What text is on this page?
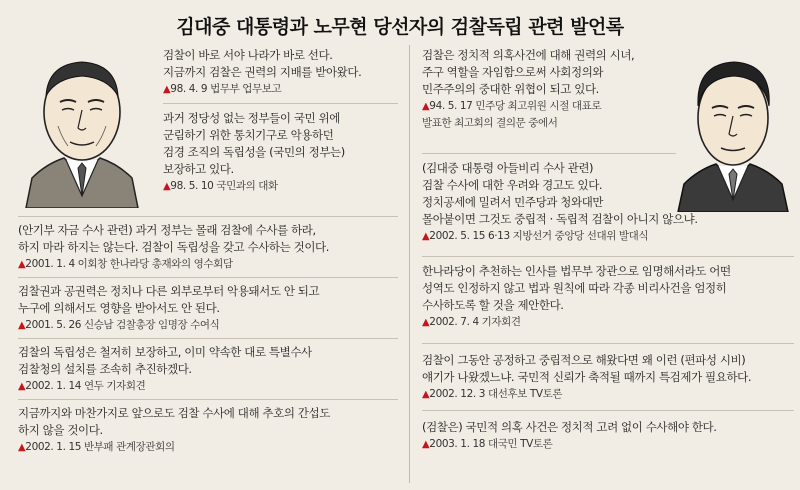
김대중 대통령과 노무현 당선자의 검찰독립 관련 발언록
검찰이 바로 서야 나라가 바로 선다.
지금까지 검찰은 권력의 지배를 받아왔다.
▲98. 4. 9 법무부 업무보고
과거 정당성 없는 정부들이 국민 위에
군림하기 위한 통치기구로 악용하던
검경 조직의 독립성을 (국민의 정부는)
보장하고 있다.
▲98. 5. 10 국민과의 대화
(안기부 자금 수사 관련) 과거 정부는 몰래 검찰에 수사를 하라,
하지 마라 하지는 않는다. 검찰이 독립성을 갖고 수사하는 것이다.
▲2001. 1. 4 이회창 한나라당 총재와의 영수회담
검찰권과 공권력은 정치나 다른 외부로부터 악용돼서도 안 되고
누구에 의해서도 영향을 받아서도 안 된다.
▲2001. 5. 26 신승남 검찰총장 임명장 수여식
검찰의 독립성은 철저히 보장하고, 이미 약속한 대로 특별수사
검찰청의 설치를 조속히 추진하겠다.
▲2002. 1. 14 연두 기자회견
지금까지와 마찬가지로 앞으로도 검찰 수사에 대해 추호의 간섭도
하지 않을 것이다.
▲2002. 1. 15 반부패 관계장관회의
검찰은 정치적 의혹사건에 대해 권력의 시녀,
주구 역할을 자임함으로써 사회정의와
민주주의의 중대한 위협이 되고 있다.
▲94. 5. 17 민주당 최고위원 시절 대표로
발표한 최고회의 결의문 중에서
(김대중 대통령 아들비리 수사 관련)
검찰 수사에 대한 우려와 경고도 있다.
정치공세에 밀려서 민주당과 청와대만
몰아붙이면 그것도 중립적 · 독립적 검찰이 아니지 않으냐.
▲2002. 5. 15 6·13 지방선거 중앙당 선대위 발대식
한나라당이 추천하는 인사를 법무부 장관으로 임명해서라도 어떤
성역도 인정하지 않고 법과 원칙에 따라 각종 비리사건을 엄정히
수사하도록 할 것을 제안한다.
▲2002. 7. 4 기자회견
검찰이 그동안 공정하고 중립적으로 해왔다면 왜 이런 (편파성 시비)
얘기가 나왔겠느냐. 국민적 신뢰가 축적될 때까지 특검제가 필요하다.
▲2002. 12. 3 대선후보 TV토론
(검찰은) 국민적 의혹 사건은 정치적 고려 없이 수사해야 한다.
▲2003. 1. 18 대국민 TV토론
